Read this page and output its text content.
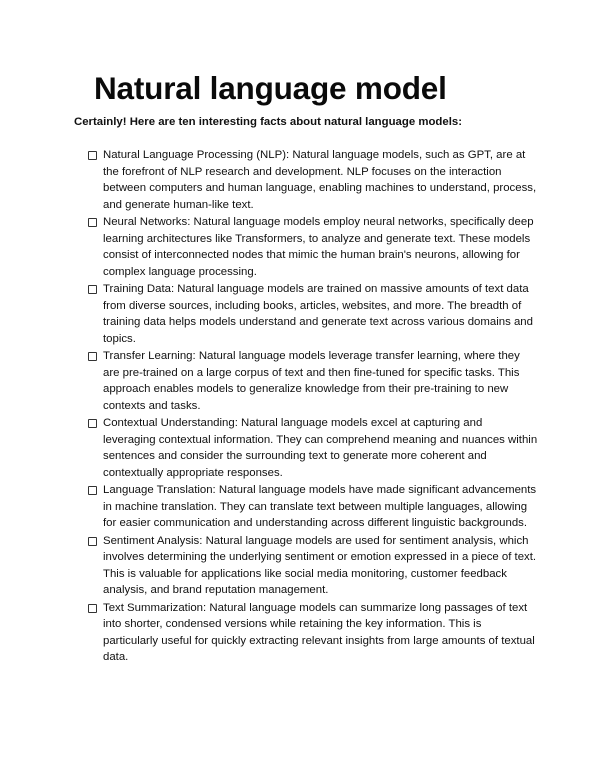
Natural language model

Certainly! Here are ten interesting facts about natural language models:

Natural Language Processing (NLP): Natural language models, such as GPT, are at the forefront of NLP research and development. NLP focuses on the interaction between computers and human language, enabling machines to understand, process, and generate human-like text.
Neural Networks: Natural language models employ neural networks, specifically deep learning architectures like Transformers, to analyze and generate text. These models consist of interconnected nodes that mimic the human brain's neurons, allowing for complex language processing.
Training Data: Natural language models are trained on massive amounts of text data from diverse sources, including books, articles, websites, and more. The breadth of training data helps models understand and generate text across various domains and topics.
Transfer Learning: Natural language models leverage transfer learning, where they are pre-trained on a large corpus of text and then fine-tuned for specific tasks. This approach enables models to generalize knowledge from their pre-training to new contexts and tasks.
Contextual Understanding: Natural language models excel at capturing and leveraging contextual information. They can comprehend meaning and nuances within sentences and consider the surrounding text to generate more coherent and contextually appropriate responses.
Language Translation: Natural language models have made significant advancements in machine translation. They can translate text between multiple languages, allowing for easier communication and understanding across different linguistic backgrounds.
Sentiment Analysis: Natural language models are used for sentiment analysis, which involves determining the underlying sentiment or emotion expressed in a piece of text. This is valuable for applications like social media monitoring, customer feedback analysis, and brand reputation management.
Text Summarization: Natural language models can summarize long passages of text into shorter, condensed versions while retaining the key information. This is particularly useful for quickly extracting relevant insights from large amounts of textual data.
